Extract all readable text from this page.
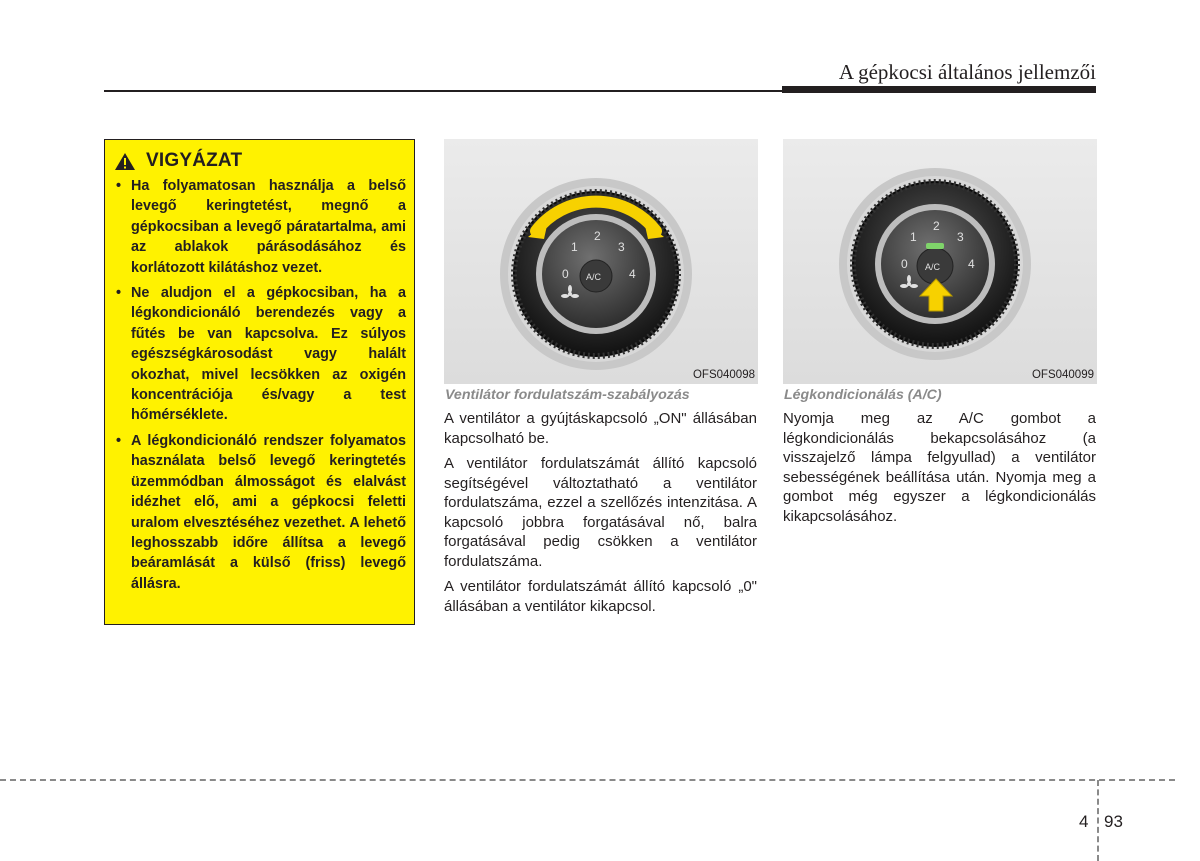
A gépkocsi általános jellemzői
VIGYÁZAT
• Ha folyamatosan használja a belső levegő keringtetést, megnő a gépkocsiban a levegő páratartalma, ami az ablakok párásodásához és korlátozott kilátáshoz vezet.
• Ne aludjon el a gépkocsiban, ha a légkondicionáló berendezés vagy a fűtés be van kapcsolva. Ez súlyos egészségkárosodást vagy halált okozhat, mivel lecsökken az oxigén koncentrációja és/vagy a test hőmérséklete.
• A légkondicionáló rendszer folyamatos használata belső levegő keringtetés üzemmódban álmosságot és elalvást idézhet elő, ami a gépkocsi feletti uralom elvesztéséhez vezethet. A lehető leghosszabb időre állítsa a levegő beáramlását a külső (friss) levegő állásra.
0
1
2
3
4
A/C
OFS040098
0
1
2
3
4
A/C
OFS040099
Ventilátor fordulatszám-szabályozás

A ventilátor a gyújtáskapcsoló „ON" állásában kapcsolható be.

A ventilátor fordulatszámát állító kapcsoló segítségével változtatható a ventilátor fordulatszáma, ezzel a szellőzés intenzitása. A kapcsoló jobbra forgatásával nő, balra forgatásával pedig csökken a ventilátor fordulatszáma.

A ventilátor fordulatszámát állító kapcsoló „0" állásában a ventilátor kikapcsol.

Légkondicionálás (A/C)

Nyomja meg az A/C gombot a légkondicionálás bekapcsolásához (a visszajelző lámpa felgyullad) a ventilátor sebességének beállítása után. Nyomja meg a gombot még egyszer a légkondicionálás kikapcsolásához.

4 93
